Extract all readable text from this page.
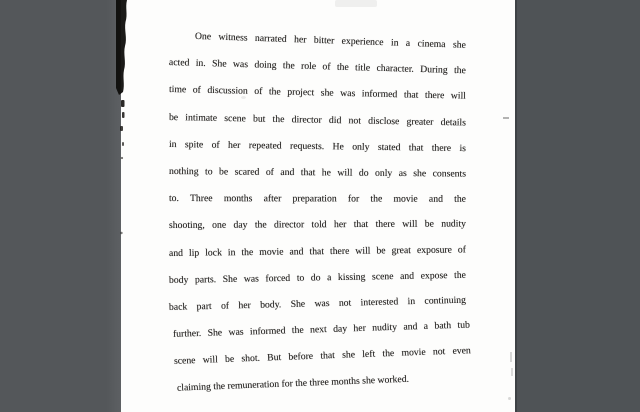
One witness narrated her bitter experience in a cinema she
acted in. She was doing the role of the title character. During the
time of discussion of the project she was informed that there will
be intimate scene but the director did not disclose greater details
in spite of her repeated requests. He only stated that there is
nothing to be scared of and that he will do only as she consents
to. Three months after preparation for the movie and the
shooting, one day the director told her that there will be nudity
and lip lock in the movie and that there will be great exposure of
body parts. She was forced to do a kissing scene and expose the
back part of her body. She was not interested in continuing
further. She was informed the next day her nudity and a bath tub
scene will be shot. But before that she left the movie not even
claiming the remuneration for the three months she worked.
